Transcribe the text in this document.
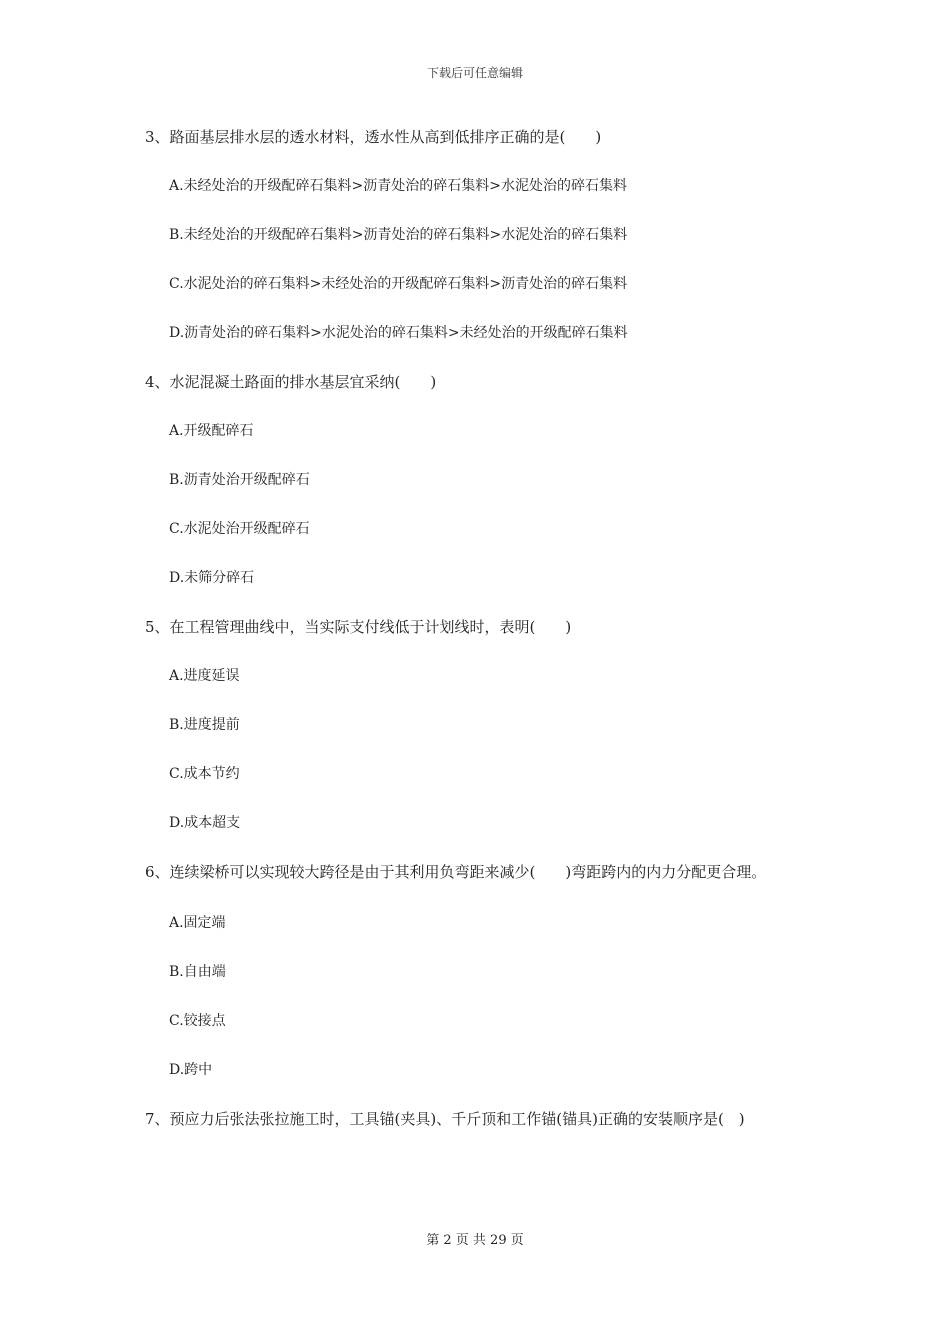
下载后可任意编辑

3、路面基层排水层的透水材料，透水性从高到低排序正确的是(　　)

A.未经处治的开级配碎石集料>沥青处治的碎石集料>水泥处治的碎石集料

B.未经处治的开级配碎石集料>沥青处治的碎石集料>水泥处治的碎石集料

C.水泥处治的碎石集料>未经处治的开级配碎石集料>沥青处治的碎石集料

D.沥青处治的碎石集料>水泥处治的碎石集料>未经处治的开级配碎石集料

4、水泥混凝土路面的排水基层宜采纳(　　)

A.开级配碎石

B.沥青处治开级配碎石

C.水泥处治开级配碎石

D.未筛分碎石

5、在工程管理曲线中，当实际支付线低于计划线时，表明(　　)

A.进度延误

B.进度提前

C.成本节约

D.成本超支

6、连续梁桥可以实现较大跨径是由于其利用负弯距来减少(　　)弯距跨内的内力分配更合理。

A.固定端

B.自由端

C.铰接点

D.跨中

7、预应力后张法张拉施工时，工具锚(夹具)、千斤顶和工作锚(锚具)正确的安装顺序是(　)

第 2 页 共 29 页
